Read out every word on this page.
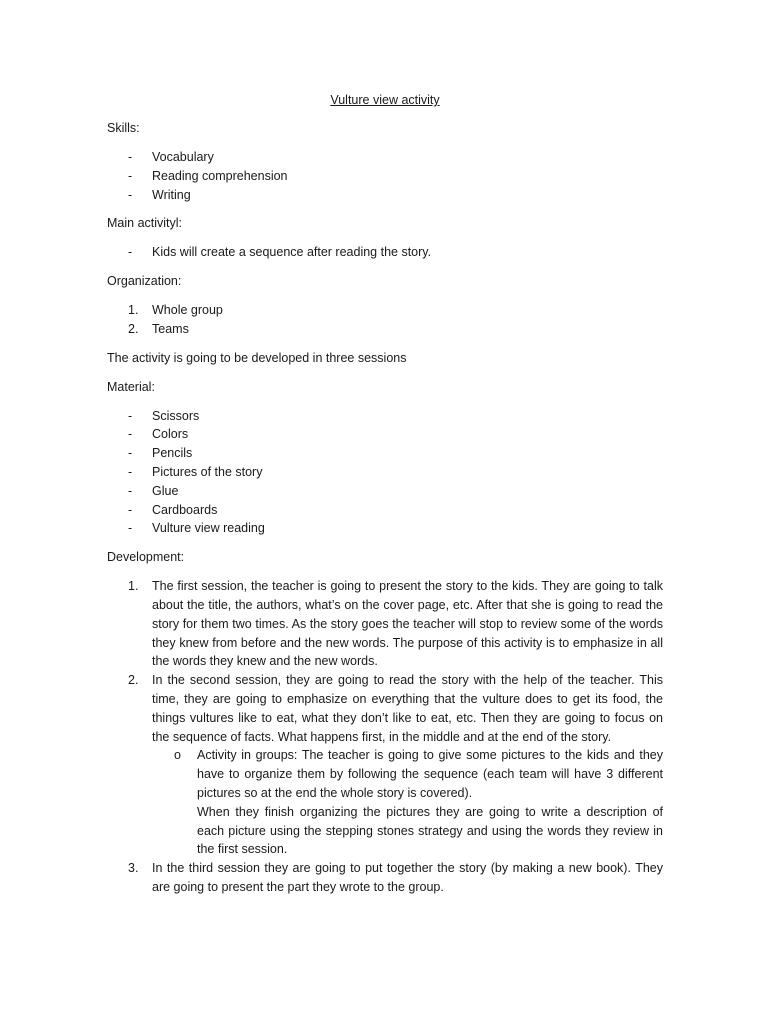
Vulture view activity
Skills:
- Vocabulary
- Reading comprehension
- Writing
Main activityl:
- Kids will create a sequence after reading the story.
Organization:
1. Whole group
2. Teams

The activity is going to be developed in three sessions

Material:
- Scissors
- Colors
- Pencils
- Pictures of the story
- Glue
- Cardboards
- Vulture view reading
Development:
1. The first session, the teacher is going to present the story to the kids. They are going to talk about the title, the authors, what’s on the cover page, etc. After that she is going to read the story for them two times. As the story goes the teacher will stop to review some of the words they knew from before and the new words. The purpose of this activity is to emphasize in all the words they knew and the new words.
2. In the second session, they are going to read the story with the help of the teacher. This time, they are going to emphasize on everything that the vulture does to get its food, the things vultures like to eat, what they don’t like to eat, etc. Then they are going to focus on the sequence of facts. What happens first, in the middle and at the end of the story.
o Activity in groups: The teacher is going to give some pictures to the kids and they have to organize them by following the sequence (each team will have 3 different pictures so at the end the whole story is covered).

When they finish organizing the pictures they are going to write a description of each picture using the stepping stones strategy and using the words they review in the first session.

3. In the third session they are going to put together the story (by making a new book). They are going to present the part they wrote to the group.
